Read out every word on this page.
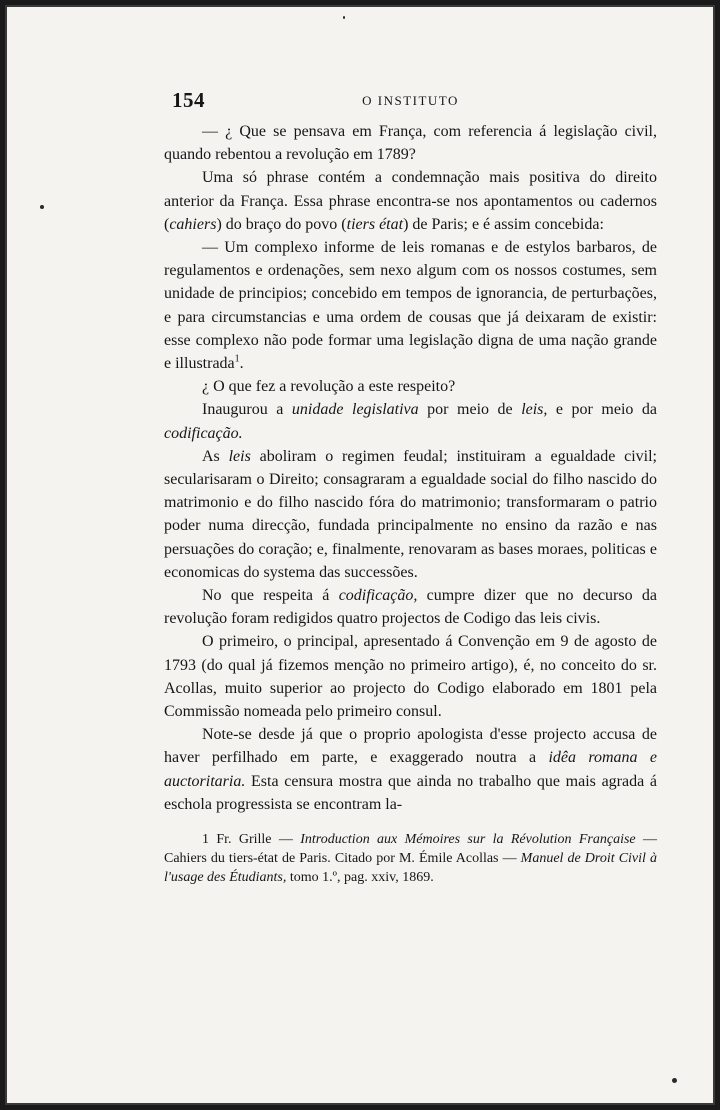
154	O INSTITUTO

— ¿ Que se pensava em França, com referencia á legislação civil, quando rebentou a revolução em 1789?

Uma só phrase contém a condemnação mais positiva do direito anterior da França. Essa phrase encontra-se nos apontamentos ou cadernos (cahiers) do braço do povo (tiers état) de Paris; e é assim concebida:

— Um complexo informe de leis romanas e de estylos barbaros, de regulamentos e ordenações, sem nexo algum com os nossos costumes, sem unidade de principios; concebido em tempos de ignorancia, de perturbações, e para circumstancias e uma ordem de cousas que já deixaram de existir: esse complexo não pode formar uma legislação digna de uma nação grande e illustrada$^1$.

¿ O que fez a revolução a este respeito?

Inaugurou a unidade legislativa por meio de leis, e por meio da codificação.

As leis aboliram o regimen feudal; instituiram a egualdade civil; secularisaram o Direito; consagraram a egualdade social do filho nascido do matrimonio e do filho nascido fóra do matrimonio; transformaram o patrio poder numa direcção, fundada principalmente no ensino da razão e nas persuações do coração; e, finalmente, renovaram as bases moraes, politicas e economicas do systema das successões.

No que respeita á codificação, cumpre dizer que no decurso da revolução foram redigidos quatro projectos de Codigo das leis civis.

O primeiro, o principal, apresentado á Convenção em 9 de agosto de 1793 (do qual já fizemos menção no primeiro artigo), é, no conceito do sr. Acollas, muito superior ao projecto do Codigo elaborado em 1801 pela Commissão nomeada pelo primeiro consul.

Note-se desde já que o proprio apologista d'esse projecto accusa de haver perfilhado em parte, e exaggerado noutra a idêa romana e auctoritaria. Esta censura mostra que ainda no trabalho que mais agrada á eschola progressista se encontram la-

1 Fr. Grille — Introduction aux Mémoires sur la Révolution Française — Cahiers du tiers-état de Paris. Citado por M. Émile Acollas — Manuel de Droit Civil à l'usage des Étudiants, tomo 1.º, pag. xxiv, 1869.
